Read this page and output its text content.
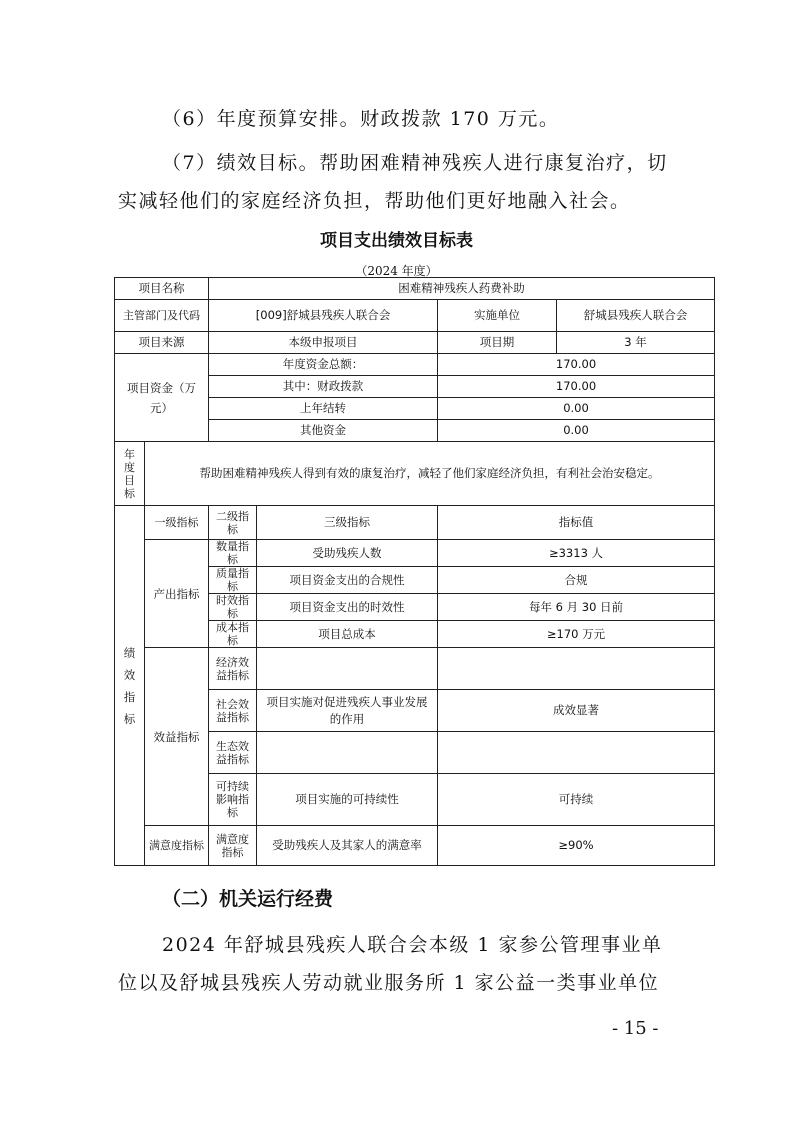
（6）年度预算安排。财政拨款 170 万元。

（7）绩效目标。帮助困难精神残疾人进行康复治疗，切实减轻他们的家庭经济负担，帮助他们更好地融入社会。

项目支出绩效目标表
（2024 年度）
项目名称		困难精神残疾人药费补助			
主管部门及代码		[009]舒城县残疾人联合会		实施单位	舒城县残疾人联合会
项目来源		本级申报项目		项目期	3 年
项目资金（万元）		年度资金总额：		170.00	
		其中：财政拨款		170.00	
		上年结转		0.00	
		其他资金		0.00	
年度目标	帮助困难精神残疾人得到有效的康复治疗，减轻了他们家庭经济负担，有利社会治安稳定。				
绩效指标	一级指标	二级指标	三级指标	指标值	
	产出指标	数量指标	受助残疾人数	≥3313 人	
		质量指标	项目资金支出的合规性	合规	
		时效指标	项目资金支出的时效性	每年 6 月 30 日前	
		成本指标	项目总成本	≥170 万元	
	效益指标	经济效益指标			
		社会效益指标	项目实施对促进残疾人事业发展的作用	成效显著	
		生态效益指标			
		可持续影响指标	项目实施的可持续性	可持续	
	满意度指标	满意度指标	受助残疾人及其家人的满意率	≥90%	
（二）机关运行经费

2024 年舒城县残疾人联合会本级 1 家参公管理事业单位以及舒城县残疾人劳动就业服务所 1 家公益一类事业单位

- 15 -
